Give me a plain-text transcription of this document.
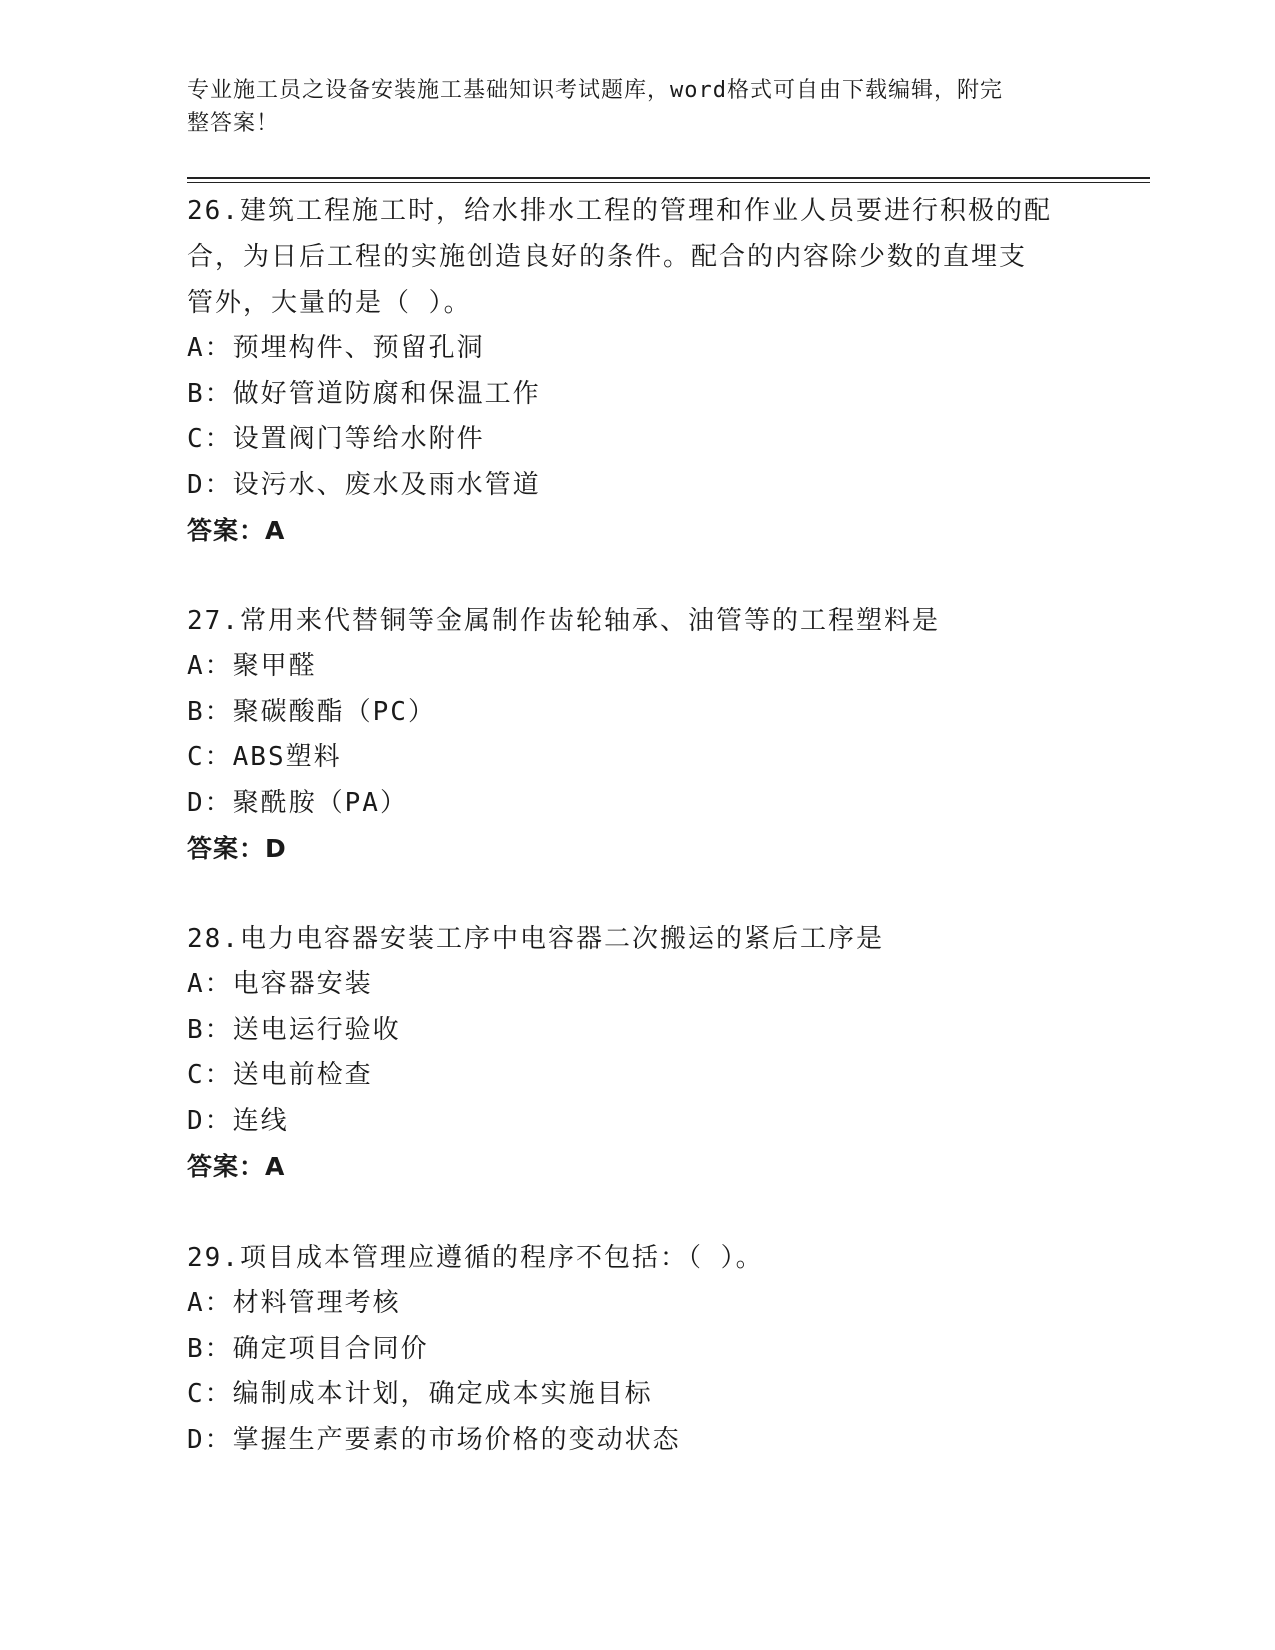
专业施工员之设备安装施工基础知识考试题库，word格式可自由下载编辑，附完
整答案！
26.建筑工程施工时，给水排水工程的管理和作业人员要进行积极的配
合，为日后工程的实施创造良好的条件。配合的内容除少数的直埋支
管外，大量的是（ ）。
A：预埋构件、预留孔洞
B：做好管道防腐和保温工作
C：设置阀门等给水附件
D：设污水、废水及雨水管道
答案：A
27.常用来代替铜等金属制作齿轮轴承、油管等的工程塑料是
A：聚甲醛
B：聚碳酸酯（PC）
C：ABS塑料
D：聚酰胺（PA）
答案：D
28.电力电容器安装工序中电容器二次搬运的紧后工序是
A：电容器安装
B：送电运行验收
C：送电前检查
D：连线
答案：A
29.项目成本管理应遵循的程序不包括：（ ）。
A：材料管理考核
B：确定项目合同价
C：编制成本计划，确定成本实施目标
D：掌握生产要素的市场价格的变动状态
